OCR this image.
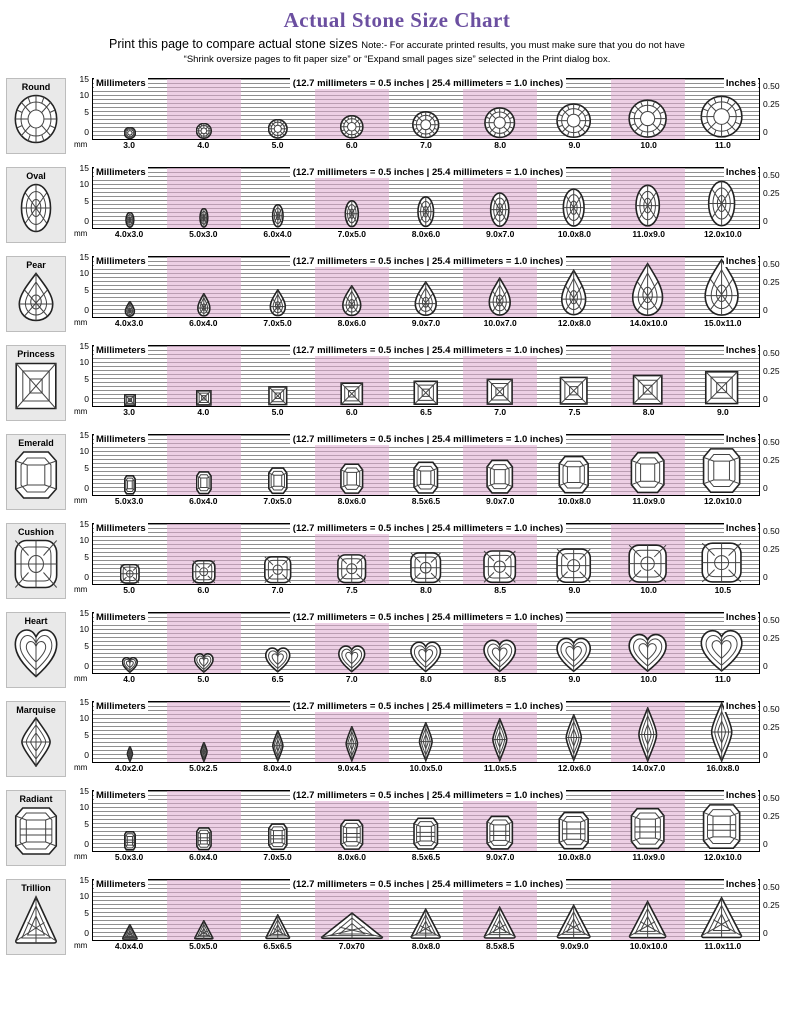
Actual Stone Size Chart
Print this page to compare actual stone sizes Note:- For accurate printed results, you must make sure that you do not have
“Shrink oversize pages to fit paper size” or “Expand small pages size” selected in the Print dialog box.
Round
15
10
5
0
0.50
0.25
0
Millimeters	Inches
(12.7 millimeters = 0.5 inches | 25.4 millimeters = 1.0 inches)
3.0	4.0	5.0	6.0	7.0	8.0	9.0	10.0	11.0
mm
Oval
15
10
5
0
0.50
0.25
0
Millimeters	Inches
(12.7 millimeters = 0.5 inches | 25.4 millimeters = 1.0 inches)
4.0x3.0	5.0x3.0	6.0x4.0	7.0x5.0	8.0x6.0	9.0x7.0	10.0x8.0	11.0x9.0	12.0x10.0
mm
Pear
15
10
5
0
0.50
0.25
0
Millimeters	Inches
(12.7 millimeters = 0.5 inches | 25.4 millimeters = 1.0 inches)
4.0x3.0	6.0x4.0	7.0x5.0	8.0x6.0	9.0x7.0	10.0x7.0	12.0x8.0	14.0x10.0	15.0x11.0
mm
Princess
15
10
5
0
0.50
0.25
0
Millimeters	Inches
(12.7 millimeters = 0.5 inches | 25.4 millimeters = 1.0 inches)
3.0	4.0	5.0	6.0	6.5	7.0	7.5	8.0	9.0
mm
Emerald
15
10
5
0
0.50
0.25
0
Millimeters	Inches
(12.7 millimeters = 0.5 inches | 25.4 millimeters = 1.0 inches)
5.0x3.0	6.0x4.0	7.0x5.0	8.0x6.0	8.5x6.5	9.0x7.0	10.0x8.0	11.0x9.0	12.0x10.0
mm
Cushion
15
10
5
0
0.50
0.25
0
Millimeters	Inches
(12.7 millimeters = 0.5 inches | 25.4 millimeters = 1.0 inches)
5.0	6.0	7.0	7.5	8.0	8.5	9.0	10.0	10.5
mm
Heart
15
10
5
0
0.50
0.25
0
Millimeters	Inches
(12.7 millimeters = 0.5 inches | 25.4 millimeters = 1.0 inches)
4.0	5.0	6.5	7.0	8.0	8.5	9.0	10.0	11.0
mm
Marquise
15
10
5
0
0.50
0.25
0
Millimeters	Inches
(12.7 millimeters = 0.5 inches | 25.4 millimeters = 1.0 inches)
4.0x2.0	5.0x2.5	8.0x4.0	9.0x4.5	10.0x5.0	11.0x5.5	12.0x6.0	14.0x7.0	16.0x8.0
mm
Radiant
15
10
5
0
0.50
0.25
0
Millimeters	Inches
(12.7 millimeters = 0.5 inches | 25.4 millimeters = 1.0 inches)
5.0x3.0	6.0x4.0	7.0x5.0	8.0x6.0	8.5x6.5	9.0x7.0	10.0x8.0	11.0x9.0	12.0x10.0
mm
Trillion
15
10
5
0
0.50
0.25
0
Millimeters	Inches
(12.7 millimeters = 0.5 inches | 25.4 millimeters = 1.0 inches)
4.0x4.0	5.0x5.0	6.5x6.5	7.0x70	8.0x8.0	8.5x8.5	9.0x9.0	10.0x10.0	11.0x11.0
mm
